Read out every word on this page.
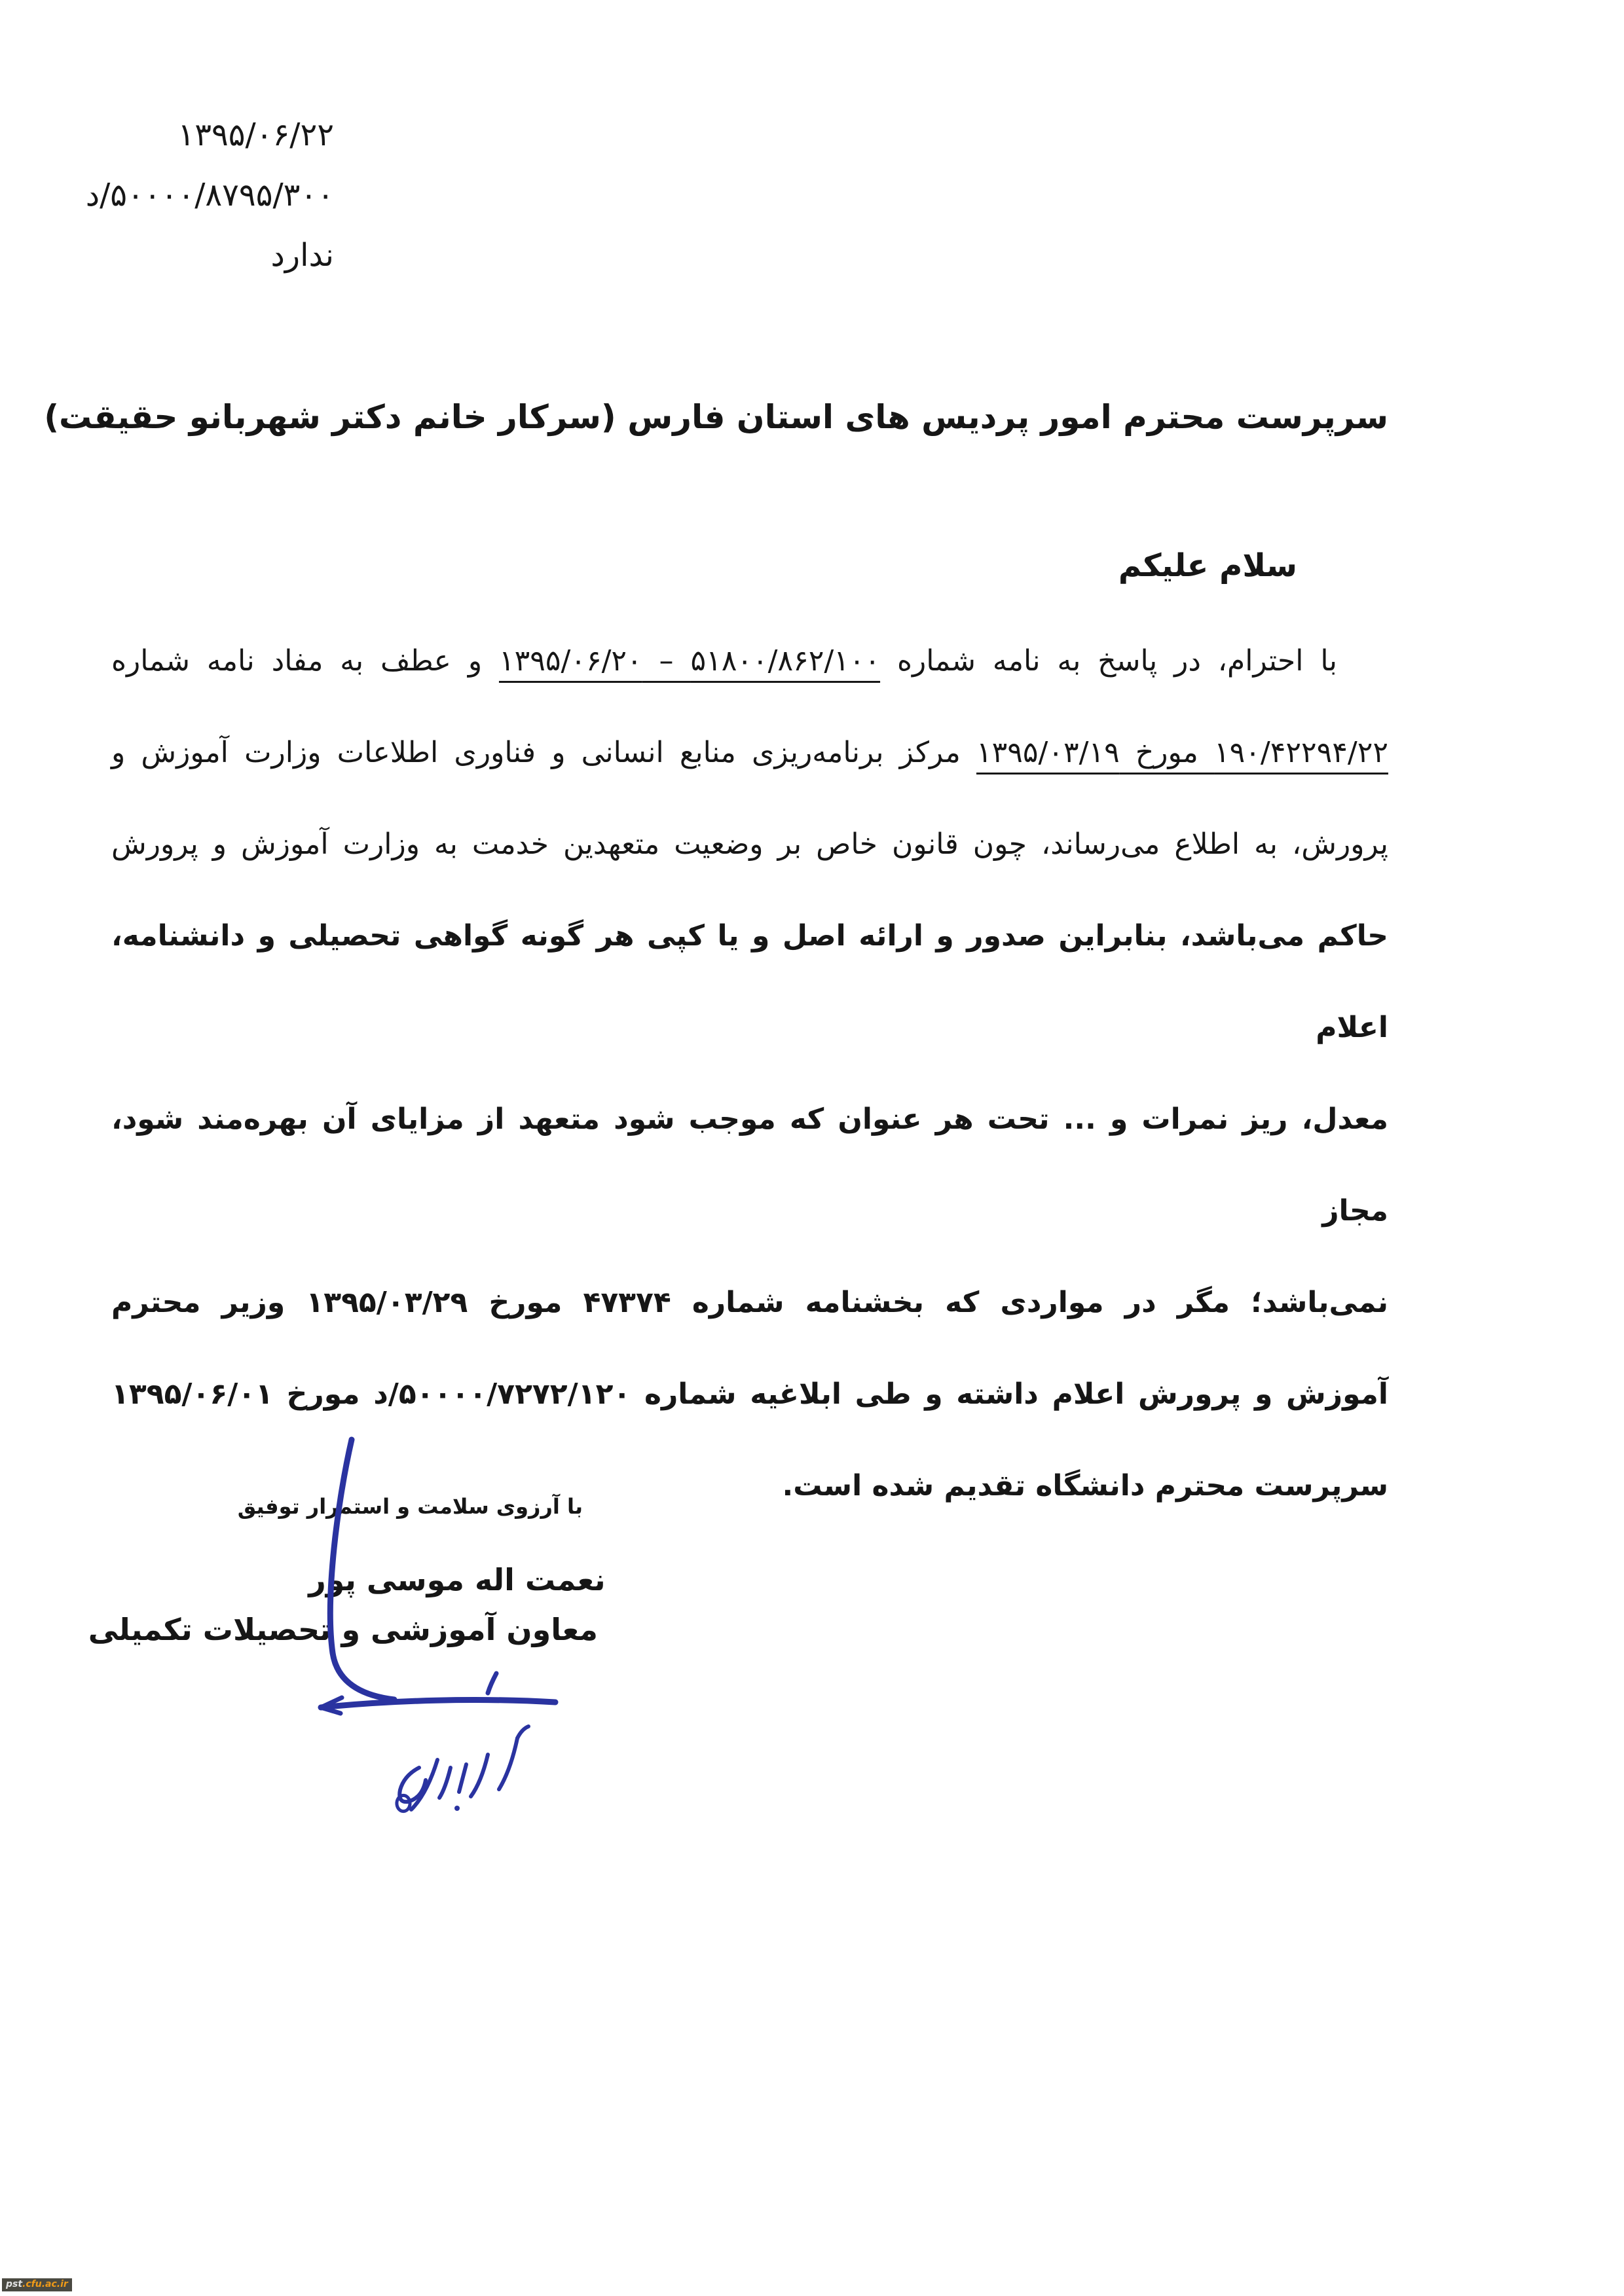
۱۳۹۵/۰۶/۲۲
۵۰۰۰۰/۸۷۹۵/۳۰۰/د
ندارد
سرپرست محترم امور پردیس های استان فارس (سرکار خانم دکتر شهربانو حقیقت)
سلام علیکم
با احترام، در پاسخ به نامه شماره ۵۱۸۰۰/۸۶۲/۱۰۰ – ۱۳۹۵/۰۶/۲۰ و عطف به مفاد نامه شماره
۱۹۰/۴۲۲۹۴/۲۲ مورخ ۱۳۹۵/۰۳/۱۹ مرکز برنامه‌ریزی منابع انسانی و فناوری اطلاعات وزارت آموزش و
پرورش، به اطلاع می‌رساند، چون قانون خاص بر وضعیت متعهدین خدمت به وزارت آموزش و پرورش
حاکم می‌باشد، بنابراین صدور و ارائه اصل و یا کپی هر گونه گواهی تحصیلی و دانشنامه، اعلام
معدل، ریز نمرات و ... تحت هر عنوان که موجب شود متعهد از مزایای آن بهره‌مند شود، مجاز
نمی‌باشد؛ مگر در مواردی که بخشنامه شماره ۴۷۳۷۴ مورخ ۱۳۹۵/۰۳/۲۹ وزیر محترم
آموزش و پرورش اعلام داشته و طی ابلاغیه شماره ۵۰۰۰۰/۷۲۷۲/۱۲۰/د مورخ ۱۳۹۵/۰۶/۰۱
سرپرست محترم دانشگاه تقدیم شده است.
با آرزوی سلامت و استمرار توفیق
نعمت اله موسی پور
معاون آموزشی و تحصیلات تکمیلی
pst.cfu.ac.ir
